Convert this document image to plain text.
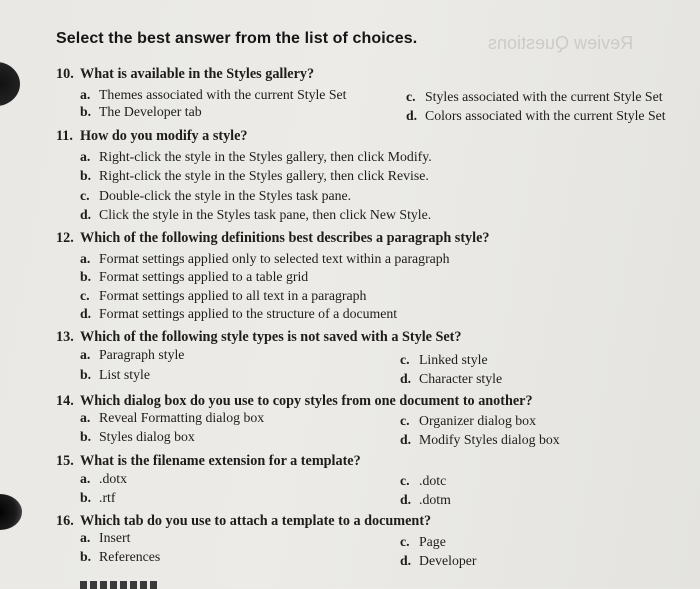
Review Questions
Select the best answer from the list of choices.
10. What is available in the Styles gallery?
a. Themes associated with the current Style Set
b. The Developer tab
c. Styles associated with the current Style Set
d. Colors associated with the current Style Set
11. How do you modify a style?
a. Right-click the style in the Styles gallery, then click Modify.
b. Right-click the style in the Styles gallery, then click Revise.
c. Double-click the style in the Styles task pane.
d. Click the style in the Styles task pane, then click New Style.
12. Which of the following definitions best describes a paragraph style?
a. Format settings applied only to selected text within a paragraph
b. Format settings applied to a table grid
c. Format settings applied to all text in a paragraph
d. Format settings applied to the structure of a document
13. Which of the following style types is not saved with a Style Set?
a. Paragraph style
b. List style
c. Linked style
d. Character style
14. Which dialog box do you use to copy styles from one document to another?
a. Reveal Formatting dialog box
b. Styles dialog box
c. Organizer dialog box
d. Modify Styles dialog box
15. What is the filename extension for a template?
a. .dotx
b. .rtf
c. .dotc
d. .dotm
16. Which tab do you use to attach a template to a document?
a. Insert
b. References
c. Page
d. Developer
